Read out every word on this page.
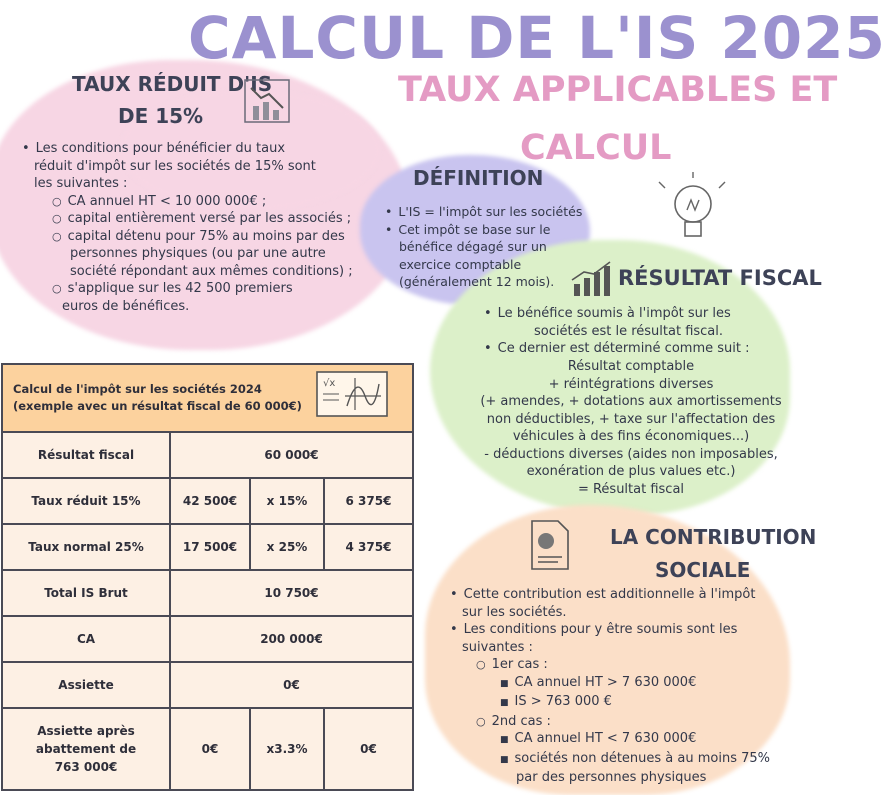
CALCUL DE L'IS 2025
TAUX APPLICABLES ET
CALCUL
TAUX RÉDUIT D'IS
DE 15%
• Les conditions pour bénéficier du taux
réduit d'impôt sur les sociétés de 15% sont
les suivantes :
○ CA annuel HT < 10 000 000€ ;
○ capital entièrement versé par les associés ;
○ capital détenu pour 75% au moins par des
personnes physiques (ou par une autre
société répondant aux mêmes conditions) ;
○ s'applique sur les 42 500 premiers
euros de bénéfices.
DÉFINITION
• L'IS = l'impôt sur les sociétés
• Cet impôt se base sur le
bénéfice dégagé sur un
exercice comptable
(généralement 12 mois).	RÉSULTAT FISCAL
• Le bénéfice soumis à l'impôt sur les
sociétés est le résultat fiscal.
• Ce dernier est déterminé comme suit :
Résultat comptable
+ réintégrations diverses
(+ amendes, + dotations aux amortissements
non déductibles, + taxe sur l'affectation des
véhicules à des fins économiques...)
- déductions diverses (aides non imposables,
exonération de plus values etc.)
= Résultat fiscal
LA CONTRIBUTION
SOCIALE
• Cette contribution est additionnelle à l'impôt
sur les sociétés.
• Les conditions pour y être soumis sont les
suivantes :
○ 1er cas :
■ CA annuel HT > 7 630 000€
■ IS > 763 000 €
○ 2nd cas :
■ CA annuel HT < 7 630 000€
■ sociétés non détenues à au moins 75%
par des personnes physiques
Calcul de l'impôt sur les sociétés 2024
(exemple avec un résultat fiscal de 60 000€)			

Résultat fiscal	60 000€		
Taux réduit 15%	42 500€	x 15%	6 375€
Taux normal 25%	17 500€	x 25%	4 375€
Total IS Brut	10 750€		
CA	200 000€		
Assiette	0€		

Assiette après
abattement de
763 000€	0€	x3.3%	0€
√x
